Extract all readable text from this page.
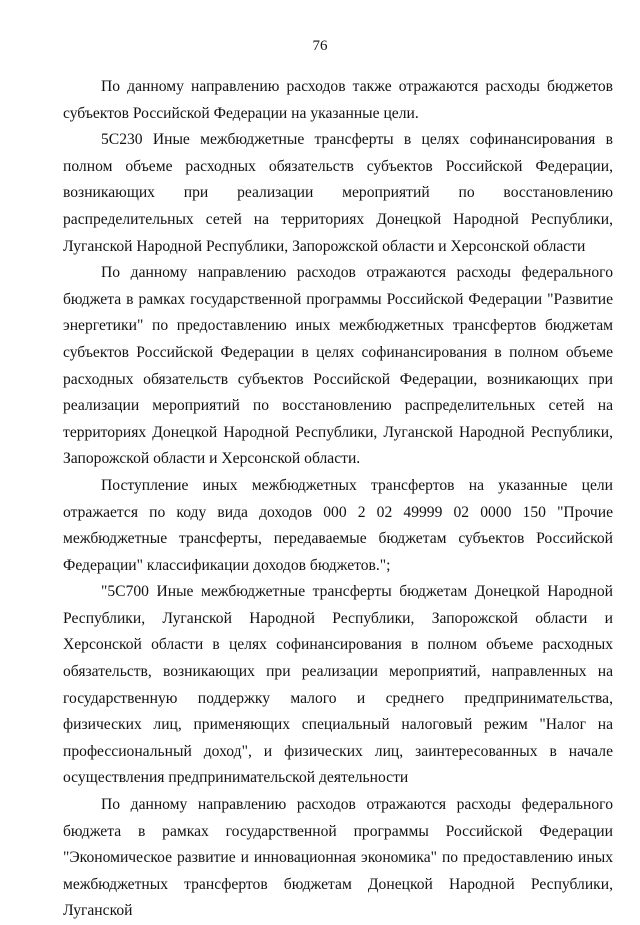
76

По данному направлению расходов также отражаются расходы бюджетов субъектов Российской Федерации на указанные цели.

5С230 Иные межбюджетные трансферты в целях софинансирования в полном объеме расходных обязательств субъектов Российской Федерации, возникающих при реализации мероприятий по восстановлению распределительных сетей на территориях Донецкой Народной Республики, Луганской Народной Республики, Запорожской области и Херсонской области

По данному направлению расходов отражаются расходы федерального бюджета в рамках государственной программы Российской Федерации "Развитие энергетики" по предоставлению иных межбюджетных трансфертов бюджетам субъектов Российской Федерации в целях софинансирования в полном объеме расходных обязательств субъектов Российской Федерации, возникающих при реализации мероприятий по восстановлению распределительных сетей на территориях Донецкой Народной Республики, Луганской Народной Республики, Запорожской области и Херсонской области.

Поступление иных межбюджетных трансфертов на указанные цели отражается по коду вида доходов 000 2 02 49999 02 0000 150 "Прочие межбюджетные трансферты, передаваемые бюджетам субъектов Российской Федерации" классификации доходов бюджетов.";

"5С700 Иные межбюджетные трансферты бюджетам Донецкой Народной Республики, Луганской Народной Республики, Запорожской области и Херсонской области в целях софинансирования в полном объеме расходных обязательств, возникающих при реализации мероприятий, направленных на государственную поддержку малого и среднего предпринимательства, физических лиц, применяющих специальный налоговый режим "Налог на профессиональный доход", и физических лиц, заинтересованных в начале осуществления предпринимательской деятельности

По данному направлению расходов отражаются расходы федерального бюджета в рамках государственной программы Российской Федерации "Экономическое развитие и инновационная экономика" по предоставлению иных межбюджетных трансфертов бюджетам Донецкой Народной Республики, Луганской
